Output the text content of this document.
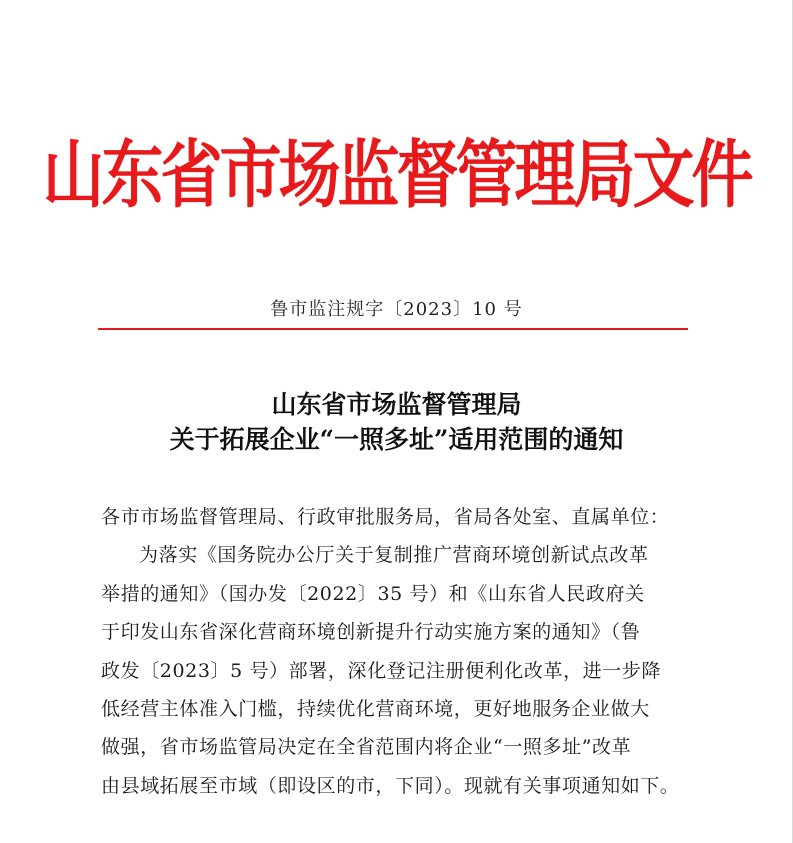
山东省市场监督管理局文件
鲁市监注规字〔2023〕10 号
山东省市场监督管理局
关于拓展企业“一照多址”适用范围的通知

各市市场监督管理局、行政审批服务局，省局各处室、直属单位：

为落实《国务院办公厅关于复制推广营商环境创新试点改革

举措的通知》（国办发〔2022〕35 号）和《山东省人民政府关

于印发山东省深化营商环境创新提升行动实施方案的通知》（鲁

政发〔2023〕5 号）部署，深化登记注册便利化改革，进一步降

低经营主体准入门槛，持续优化营商环境，更好地服务企业做大

做强，省市场监管局决定在全省范围内将企业“一照多址”改革

由县域拓展至市域（即设区的市，下同）。现就有关事项通知如下。
